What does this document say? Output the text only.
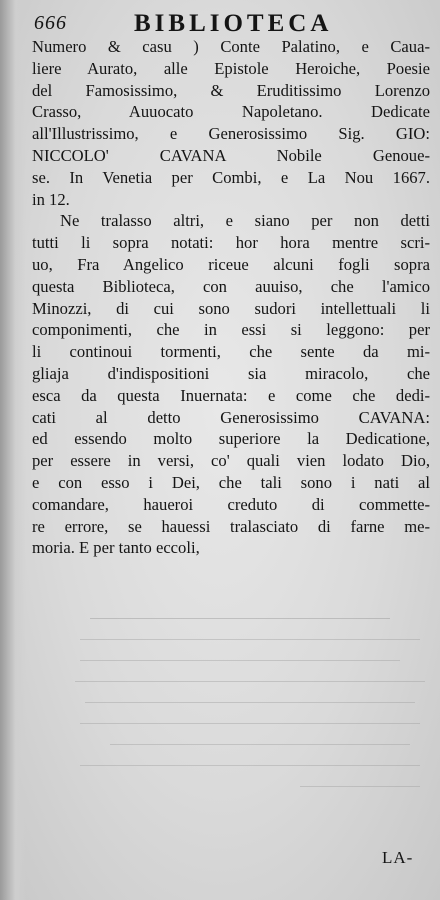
666	BIBLIOTECA
Numero & casu ) Conte Palatino, e Caua-
liere Aurato, alle Epistole Heroiche, Poesie
del Famosissimo, & Eruditissimo Lorenzo
Crasso, Auuocato Napoletano. Dedicate
all'Illustrissimo, e Generosissimo Sig. GIO:
NICCOLO' CAVANA Nobile Genoue-
se. In Venetia per Combi, e La Nou 1667.
in 12.
Ne tralasso altri, e siano per non detti
tutti li sopra notati: hor hora mentre scri-
uo, Fra Angelico riceue alcuni fogli sopra
questa Biblioteca, con auuiso, che l'amico
Minozzi, di cui sono sudori intellettuali li
componimenti, che in essi si leggono: per
li continoui tormenti, che sente da mi-
gliaja d'indispositioni sia miracolo, che
esca da questa Inuernata: e come che dedi-
cati al detto Generosissimo CAVANA:
ed essendo molto superiore la Dedicatione,
per essere in versi, co' quali vien lodato Dio,
e con esso i Dei, che tali sono i nati al
comandare, haueroi creduto di commette-
re errore, se hauessi tralasciato di farne me-
moria. E per tanto eccoli,
LA-
